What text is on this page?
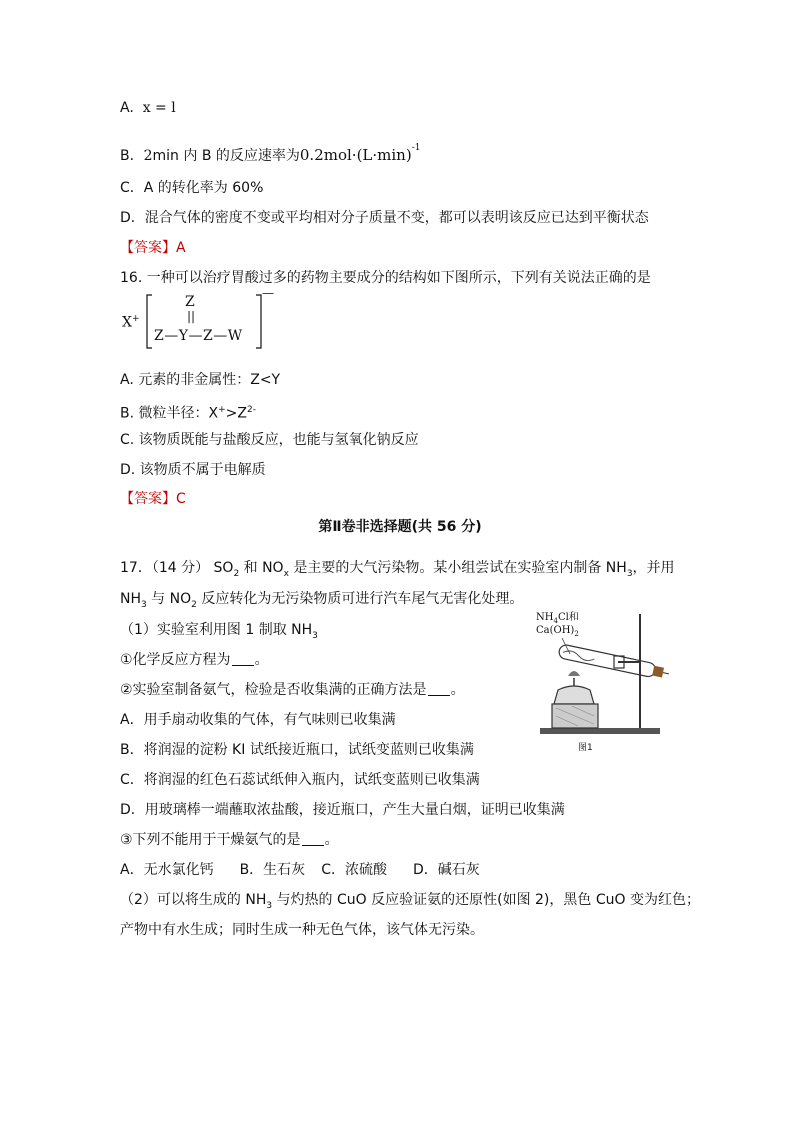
A. x = l
B．2min 内 B 的反应速率为$0.2mol\cdot(L\cdot\min)^{-1}$
C．A 的转化率为 60%
D．混合气体的密度不变或平均相对分子质量不变，都可以表明该反应已达到平衡状态
【答案】A
16. 一种可以治疗胃酸过多的药物主要成分的结构如下图所示，下列有关说法正确的是
X+
Z
||
Z—Y—Z—W
—
A. 元素的非金属性：Z<Y
B. 微粒半径：$X^+>Z^{2-}$
C. 该物质既能与盐酸反应，也能与氢氧化钠反应
D. 该物质不属于电解质
【答案】C
第Ⅱ卷非选择题(共 56 分)
17．（14 分） $SO_2$ 和 $NO_x$ 是主要的大气污染物。某小组尝试在实验室内制备 $NH_3$，并用
$NH_3$ 与 $NO_2$ 反应转化为无污染物质可进行汽车尾气无害化处理。
（1）实验室利用图 1 制取 $NH_3$
①化学反应方程为 。
②实验室制备氨气，检验是否收集满的正确方法是 。
A．用手扇动收集的气体，有气味则已收集满
B．将润湿的淀粉 KI 试纸接近瓶口，试纸变蓝则已收集满
C．将润湿的红色石蕊试纸伸入瓶内，试纸变蓝则已收集满
D．用玻璃棒一端蘸取浓盐酸，接近瓶口，产生大量白烟，证明已收集满
③下列不能用于干燥氨气的是 。
A．无水氯化钙 B．生石灰 C．浓硫酸 D．碱石灰
（2）可以将生成的 $NH_3$ 与灼热的 CuO 反应验证氨的还原性(如图 2)，黑色 CuO 变为红色；
产物中有水生成；同时生成一种无色气体，该气体无污染。
$NH_4Cl$和
$Ca(OH)_2$
图1
